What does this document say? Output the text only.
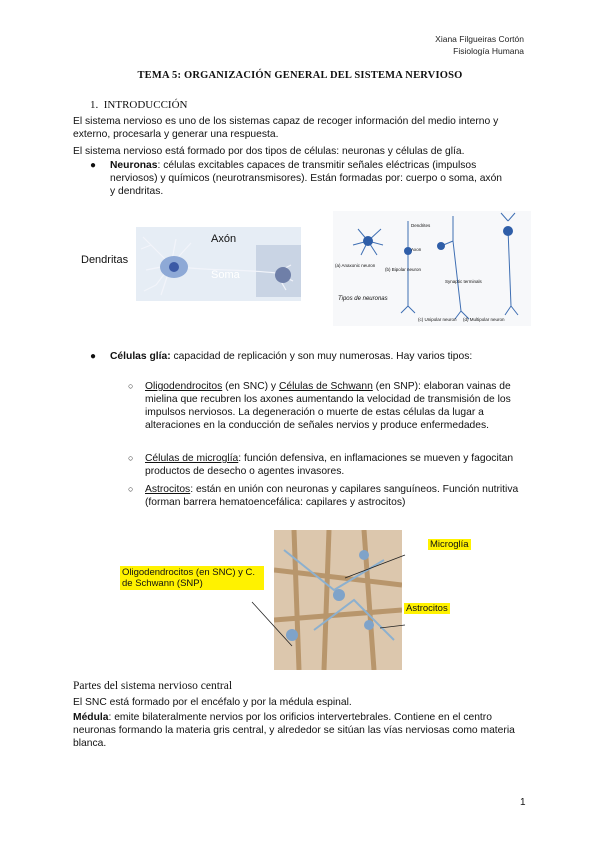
Xiana Filgueiras Cortón
Fisiología Humana
TEMA 5: ORGANIZACIÓN GENERAL DEL SISTEMA NERVIOSO
1. INTRODUCCIÓN
El sistema nervioso es uno de los sistemas capaz de recoger información del medio interno y externo, procesarla y generar una respuesta.
El sistema nervioso está formado por dos tipos de células: neuronas y células de glía.
● Neuronas: células excitables capaces de transmitir señales eléctricas (impulsos nerviosos) y químicos (neurotransmisores). Están formadas por: cuerpo o soma, axón y dendritas.
Dendritas
Axón
Soma
(a) Anaxonic neuron
(b) Bipolar neuron
(c) Unipolar neuron (d) Multipolar neuron
Dendrites
Axon
Synaptic terminals
Tipos de neuronas
● Células glía: capacidad de replicación y son muy numerosas. Hay varios tipos:
○ Oligodendrocitos (en SNC) y Células de Schwann (en SNP): elaboran vainas de mielina que recubren los axones aumentando la velocidad de transmisión de los impulsos nerviosos. La degeneración o muerte de estas células da lugar a alteraciones en la conducción de señales nervios y produce enfermedades.
○ Células de microglía: función defensiva, en inflamaciones se mueven y fagocitan productos de desecho o agentes invasores.
○ Astrocitos: están en unión con neuronas y capilares sanguíneos. Función nutritiva (forman barrera hematoencefálica: capilares y astrocitos)
Oligodendrocitos (en SNC) y C. de Schwann (SNP)
Microglía
Astrocitos
Partes del sistema nervioso central
El SNC está formado por el encéfalo y por la médula espinal.
Médula: emite bilateralmente nervios por los orificios intervertebrales. Contiene en el centro neuronas formando la materia gris central, y alrededor se sitúan las vías nerviosas como materia blanca.
1
